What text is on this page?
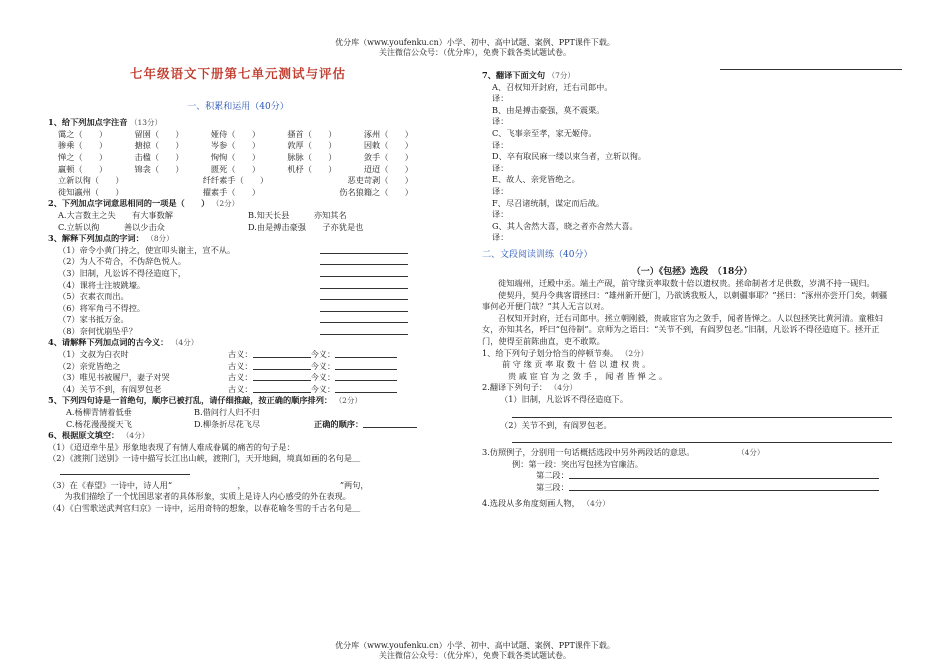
优分库（www.youfenku.cn）小学、初中、高中试题、案例、PPT课件下载。
关注微信公众号：（优分库），免费下载各类试题试卷。
七年级语文下册第七单元测试与评估
一、积累和运用（40分）
1、给下列加点字注音 （13分）
霭之（　　）	留圉（　　）	娅侍（　　）	搔首（　　）	涿州（　　）
骖乘（　　）	搪掠（　　）	岑参（　　）	敦厚（　　）	因敕（　　）
惮之（　　）	击楹（　　）	恂恂（　　）	脉脉（　　）	敛手（　　）
羸顿（　　）	锦衾（　　）	匮死（　　）	机杼（　　）	迢迢（　　）
立新以徇（　　）	纤纤素手（　　）	恶吏苛剥（　　）
徙知瀛州（　　）	擢素手（　　）	伤名狼籍之（　　）
2、下列加点字词意思相同的一项是（　　） （2分）
A.大言数主之失　　有大事数解	B.知天长县　　　亦知其名
C.立斩以徇　　　善以少击众	D.由是搏击豪强　　子亦犹是也
3、解释下列加点的字词： （8分）
（1）帝令小黄门持之，使宣叩头谢主，宣不从。
（2）为人不苟合，不伪辞色悦人。
（3）旧制，凡讼诉不得径造庭下，
（4）课将士注坡跳壕。
（5）衣素衣而出。
（6）将军角弓不得控。
（7）家书抵万金。
（8）奈何忧崩坠乎？
4、请解释下列加点词的古今义： （4分）
（1）文叔为白衣时	古义：	今义：
（2）亲党皆绝之	古义：	今义：
（3）唯见书被履尸，妻子对哭	古义：	今义：
（4）关节不到，有阎罗包老	古义：	今义：
5、下列四句诗是一首绝句，顺序已被打乱，请仔细推敲，按正确的顺序排列： （2分）
A.杨柳青情着低垂	B.借问行人归不归
C.杨花漫漫搅天飞	D.柳条折尽花飞尽	正确的顺序：
6、根据原文填空： （4分）
（1）《迢迢牵牛星》形象地表现了有情人难成眷属的痛苦的句子是：
（2）《渡荆门送别》一诗中描写长江出山峡，渡荆门，天开地阔，境真如画的名句是＿
（3）在《春望》一诗中，诗人用“　　　　　　　　，　　　　　　　　　　　　”两句，
　　为我们描绘了一个忧国思家者的具体形象，实质上是诗人内心感受的外在表现。
（4）《白雪歌送武判官归京》一诗中，运用奇特的想象，以春花喻冬雪的千古名句是＿
7、翻译下面文句 （7分）
A、召权知开封府，迁右司郎中。
译：
B、由是搏击豪强，莫不震栗。
译：
C、飞事亲至孝，家无姬侍。
译：
D、卒有取民麻一缕以束刍者，立斩以徇。
译：
E、故人、亲党皆绝之。
译：
F、尽召诸统制，谋定而后战。
译：
G、其人舍然大喜，晓之者亦舍然大喜。
译：
二、文段阅读训练（40分）
（一）《包拯》选段　（18分）
徙知端州，迁殿中丞。端土产砚，前守缘贡率取数十倍以遗权贵。拯命制者才足供数，岁满不持一砚归。
使契丹，契丹令典客谓拯曰：“雄州新开便门，乃欲诱我叛人，以刺疆事耶？”拯曰：“涿州亦尝开门矣，刺疆事何必开便门哉？”其人无言以对。
召权知开封府，迁右司郎中。拯立朝刚毅，贵戚宦官为之敛手，闻者皆惮之。人以包拯笑比黄河清。童稚妇女，亦知其名，呼曰“包待制”。京师为之语曰：“关节不到，有阎罗包老。”旧制，凡讼诉不得径造庭下。拯开正门，使得至前陈曲直，吏不敢欺。
1、给下列句子划分恰当的停顿节奏。 （2分）
前 守 缘 贡 率 取 数 十 倍 以 遗 权 贵 。
贵 戚 宦 官 为 之 敛 手 ， 闻 者 皆 惮 之 。
2.翻译下列句子： （4分）
（1）旧制，凡讼诉不得径造庭下。
（2）关节不到，有阎罗包老。
3.仿照例子，分别用一句话概括选段中另外两段话的意思。	（4分）
例：第一段：突出写包拯为官廉洁。
第二段：
第三段：
4.选段从多角度刻画人物， （4分）
优分库（www.youfenku.cn）小学、初中、高中试题、案例、PPT课件下载。
关注微信公众号：（优分库），免费下载各类试题试卷。
